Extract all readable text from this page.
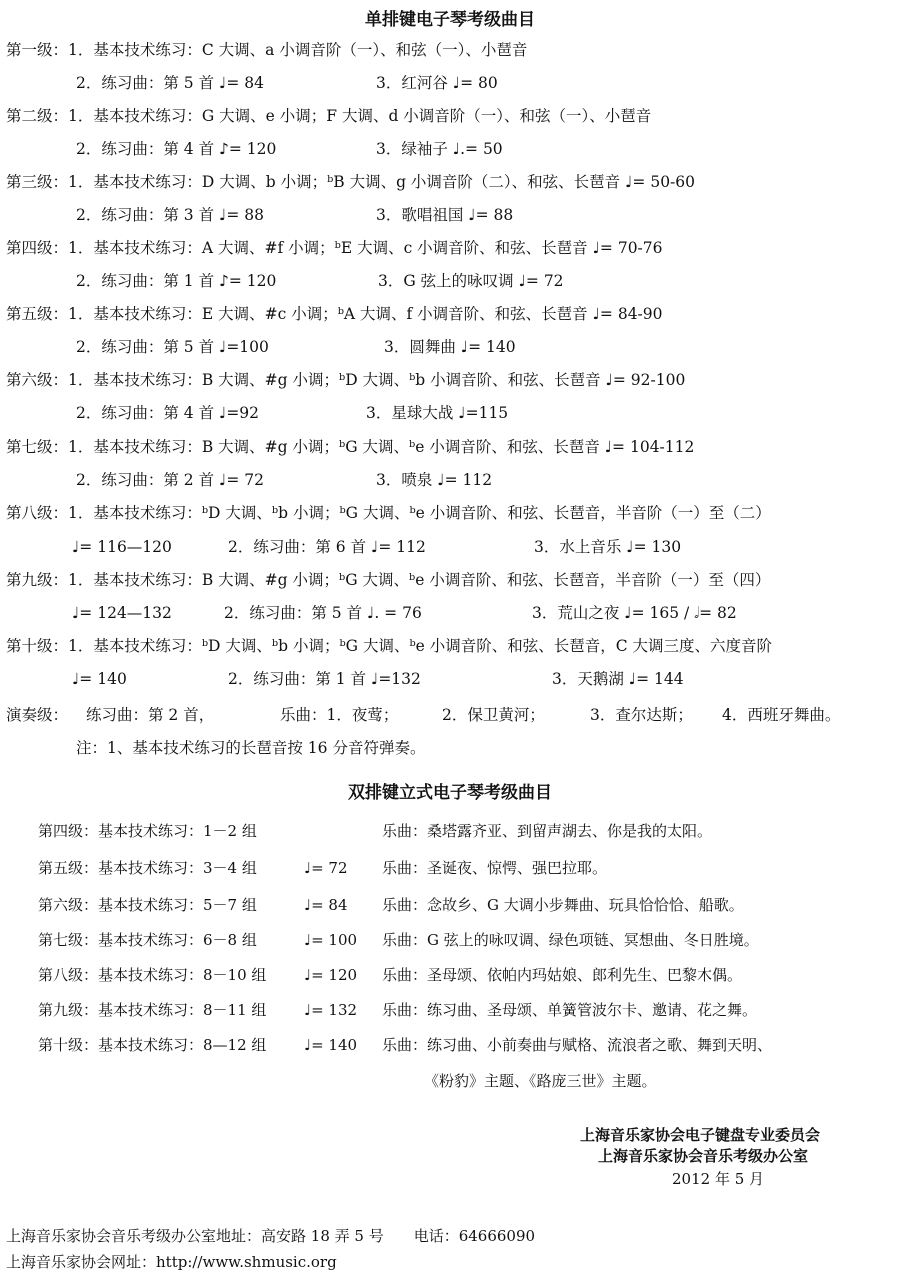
单排键电子琴考级曲目
第一级：1．基本技术练习：C 大调、a 小调音阶（一）、和弦（一）、小琶音
2．练习曲：第 5 首 ♩= 84	3．红河谷 ♩= 80
第二级：1．基本技术练习：G 大调、e 小调；F 大调、d 小调音阶（一）、和弦（一）、小琶音
2．练习曲：第 4 首 ♪= 120	3．绿袖子 ♩.= 50
第三级：1．基本技术练习：D 大调、b 小调；ᵇB 大调、g 小调音阶（二）、和弦、长琶音 ♩= 50-60
2．练习曲：第 3 首 ♩= 88	3．歌唱祖国 ♩= 88
第四级：1．基本技术练习：A 大调、#f 小调；ᵇE 大调、c 小调音阶、和弦、长琶音 ♩= 70-76
2．练习曲：第 1 首 ♪= 120	3．G 弦上的咏叹调 ♩= 72
第五级：1．基本技术练习：E 大调、#c 小调；ᵇA 大调、f 小调音阶、和弦、长琶音 ♩= 84-90
2．练习曲：第 5 首 ♩=100	3．圆舞曲 ♩= 140
第六级：1．基本技术练习：B 大调、#g 小调；ᵇD 大调、ᵇb 小调音阶、和弦、长琶音 ♩= 92-100
2．练习曲：第 4 首 ♩=92	3．星球大战 ♩=115
第七级：1．基本技术练习：B 大调、#g 小调；ᵇG 大调、ᵇe 小调音阶、和弦、长琶音 ♩= 104-112
2．练习曲：第 2 首 ♩= 72	3．喷泉 ♩= 112
第八级：1．基本技术练习：ᵇD 大调、ᵇb 小调；ᵇG 大调、ᵇe 小调音阶、和弦、长琶音，半音阶（一）至（二）
♩= 116—120	2．练习曲：第 6 首 ♩= 112	3．水上音乐 ♩= 130
第九级：1．基本技术练习：B 大调、#g 小调；ᵇG 大调、ᵇe 小调音阶、和弦、长琶音，半音阶（一）至（四）
♩= 124—132	2．练习曲：第 5 首 ♩. = 76	3．荒山之夜 ♩= 165 / 𝅗𝅥= 82
第十级：1．基本技术练习：ᵇD 大调、ᵇb 小调；ᵇG 大调、ᵇe 小调音阶、和弦、长琶音，C 大调三度、六度音阶
♩= 140	2．练习曲：第 1 首 ♩=132	3．天鹅湖 ♩= 144
演奏级： 练习曲：第 2 首，	乐曲：1．夜莺；	2．保卫黄河；	3．查尔达斯； 4．西班牙舞曲。
注：1、基本技术练习的长琶音按 16 分音符弹奏。
双排键立式电子琴考级曲目
第四级：基本技术练习：1－2 组	乐曲：桑塔露齐亚、到留声湖去、你是我的太阳。
第五级：基本技术练习：3－4 组	♩= 72 乐曲：圣诞夜、惊愕、强巴拉耶。
第六级：基本技术练习：5－7 组	♩= 84 乐曲：念故乡、G 大调小步舞曲、玩具恰恰恰、船歌。
第七级：基本技术练习：6－8 组	♩= 100 乐曲：G 弦上的咏叹调、绿色项链、冥想曲、冬日胜境。
第八级：基本技术练习：8－10 组	♩= 120 乐曲：圣母颂、依帕内玛姑娘、郎利先生、巴黎木偶。
第九级：基本技术练习：8－11 组	♩= 132 乐曲：练习曲、圣母颂、单簧管波尔卡、邀请、花之舞。
第十级：基本技术练习：8—12 组	♩= 140 乐曲：练习曲、小前奏曲与赋格、流浪者之歌、舞到天明、
《粉豹》主题、《路庞三世》主题。
上海音乐家协会电子键盘专业委员会
上海音乐家协会音乐考级办公室
2012 年 5 月
上海音乐家协会音乐考级办公室地址：高安路 18 弄 5 号　　电话：64666090
上海音乐家协会网址：http://www.shmusic.org
